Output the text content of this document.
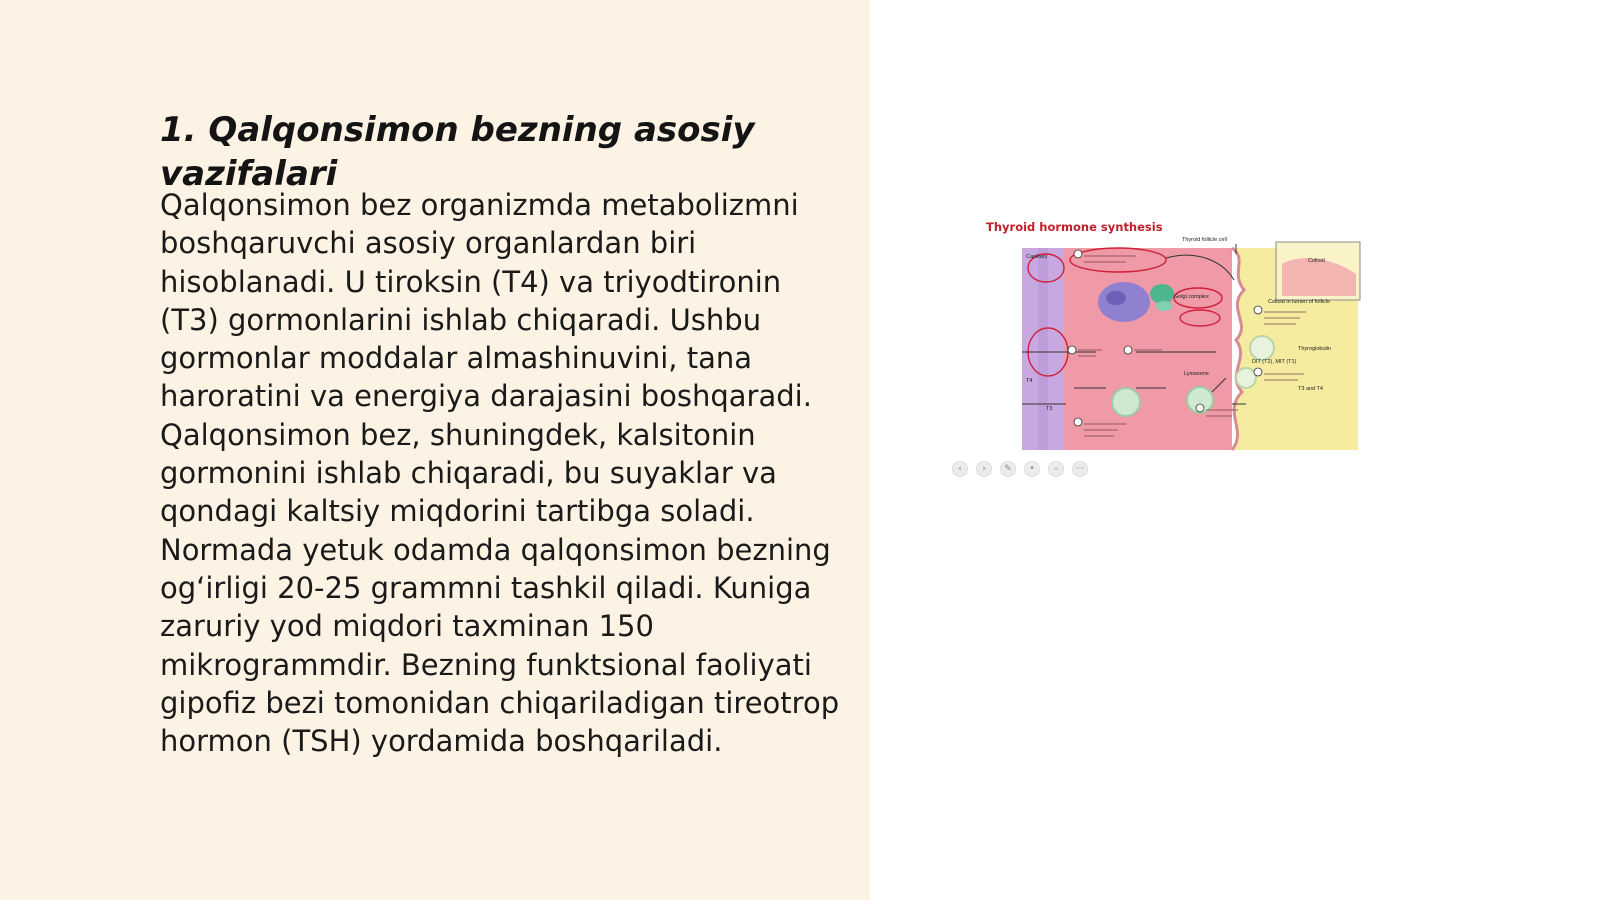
1. Qalqonsimon bezning asosiy vazifalari

Qalqonsimon bez organizmda metabolizmni boshqaruvchi asosiy organlardan biri hisoblanadi. U tiroksin (T4) va triyodtironin (T3) gormonlarini ishlab chiqaradi. Ushbu gormonlar moddalar almashinuvini, tana haroratini va energiya darajasini boshqaradi. Qalqonsimon bez, shuningdek, kalsitonin gormonini ishlab chiqaradi, bu suyaklar va qondagi kaltsiy miqdorini tartibga soladi. Normada yetuk odamda qalqonsimon bezning og‘irligi 20-25 grammni tashkil qiladi. Kuniga zaruriy yod miqdori taxminan 150 mikrogrammdir. Bezning funktsional faoliyati gipofiz bezi tomonidan chiqariladigan tireotrop hormon (TSH) yordamida boshqariladi.

Thyroid follicle cell
Capillary
Colloid
Colloid in lumen of follicle
Golgi complex
Lysosome
Thyroglobulin
DIT (T2), MIT (T1)
T4
T3
T3 and T4
Thyroid hormone synthesis
‹	›	✎	•	–	⋯
